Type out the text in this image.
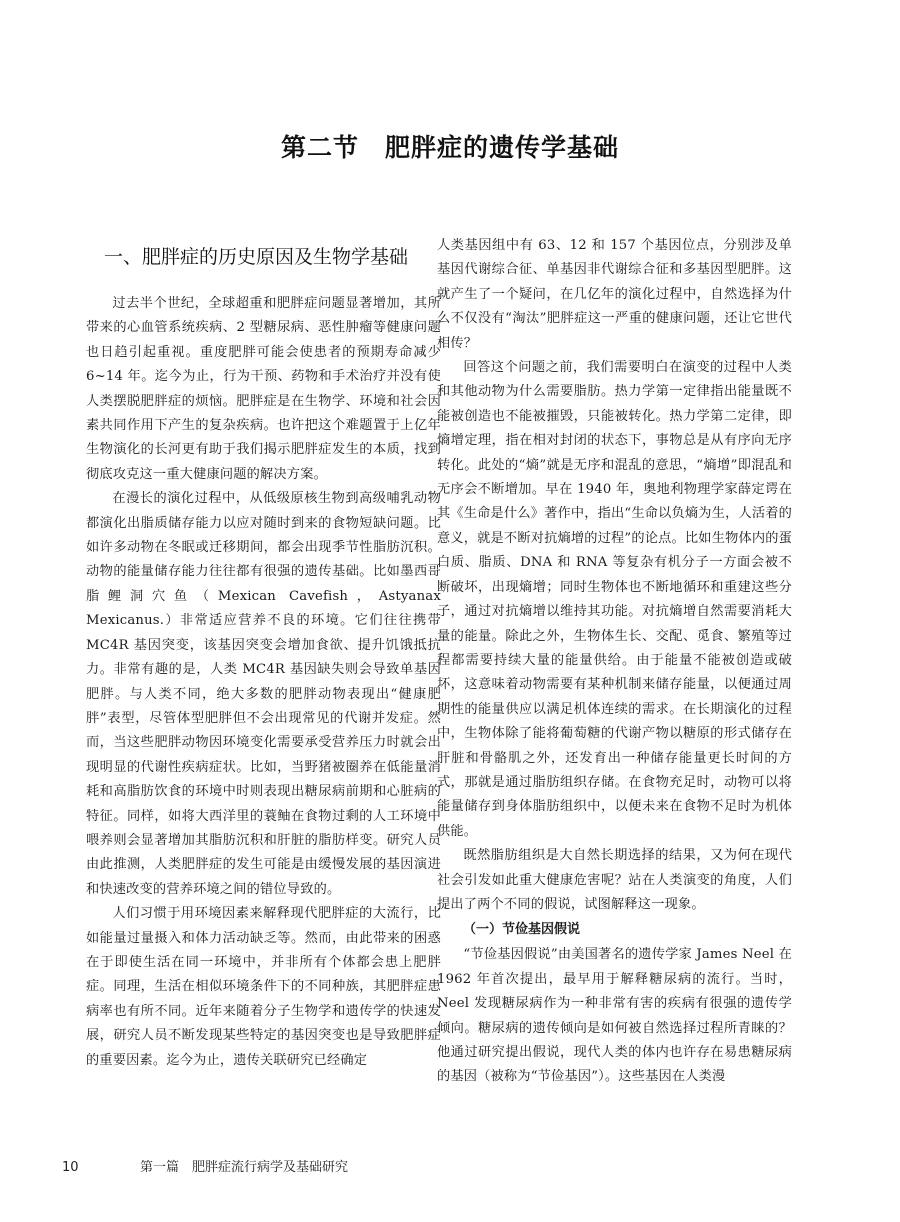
第二节　肥胖症的遗传学基础
一、肥胖症的历史原因及生物学基础

过去半个世纪，全球超重和肥胖症问题显著增加，其所带来的心血管系统疾病、2 型糖尿病、恶性肿瘤等健康问题也日趋引起重视。重度肥胖可能会使患者的预期寿命减少 6~14 年。迄今为止，行为干预、药物和手术治疗并没有使人类摆脱肥胖症的烦恼。肥胖症是在生物学、环境和社会因素共同作用下产生的复杂疾病。也许把这个难题置于上亿年生物演化的长河更有助于我们揭示肥胖症发生的本质，找到彻底攻克这一重大健康问题的解决方案。

在漫长的演化过程中，从低级原核生物到高级哺乳动物都演化出脂质储存能力以应对随时到来的食物短缺问题。比如许多动物在冬眠或迁移期间，都会出现季节性脂肪沉积。动物的能量储存能力往往都有很强的遗传基础。比如墨西哥脂鲤洞穴鱼（Mexican Cavefish，Astyanax Mexicanus.）非常适应营养不良的环境。它们往往携带 MC4R 基因突变，该基因突变会增加食欲、提升饥饿抵抗力。非常有趣的是，人类 MC4R 基因缺失则会导致单基因肥胖。与人类不同，绝大多数的肥胖动物表现出“健康肥胖”表型，尽管体型肥胖但不会出现常见的代谢并发症。然而，当这些肥胖动物因环境变化需要承受营养压力时就会出现明显的代谢性疾病症状。比如，当野猪被圈养在低能量消耗和高脂肪饮食的环境中时则表现出糖尿病前期和心脏病的特征。同样，如将大西洋里的蓑鲉在食物过剩的人工环境中喂养则会显著增加其脂肪沉积和肝脏的脂肪样变。研究人员由此推测，人类肥胖症的发生可能是由缓慢发展的基因演进和快速改变的营养环境之间的错位导致的。

人们习惯于用环境因素来解释现代肥胖症的大流行，比如能量过量摄入和体力活动缺乏等。然而，由此带来的困惑在于即使生活在同一环境中，并非所有个体都会患上肥胖症。同理，生活在相似环境条件下的不同种族，其肥胖症患病率也有所不同。近年来随着分子生物学和遗传学的快速发展，研究人员不断发现某些特定的基因突变也是导致肥胖症的重要因素。迄今为止，遗传关联研究已经确定

人类基因组中有 63、12 和 157 个基因位点，分别涉及单基因代谢综合征、单基因非代谢综合征和多基因型肥胖。这就产生了一个疑问，在几亿年的演化过程中，自然选择为什么不仅没有“淘汰”肥胖症这一严重的健康问题，还让它世代相传？

回答这个问题之前，我们需要明白在演变的过程中人类和其他动物为什么需要脂肪。热力学第一定律指出能量既不能被创造也不能被摧毁，只能被转化。热力学第二定律，即熵增定理，指在相对封闭的状态下，事物总是从有序向无序转化。此处的“熵”就是无序和混乱的意思，“熵增”即混乱和无序会不断增加。早在 1940 年，奥地利物理学家薛定谔在其《生命是什么》著作中，指出“生命以负熵为生，人活着的意义，就是不断对抗熵增的过程”的论点。比如生物体内的蛋白质、脂质、DNA 和 RNA 等复杂有机分子一方面会被不断破坏，出现熵增；同时生物体也不断地循环和重建这些分子，通过对抗熵增以维持其功能。对抗熵增自然需要消耗大量的能量。除此之外，生物体生长、交配、觅食、繁殖等过程都需要持续大量的能量供给。由于能量不能被创造或破坏，这意味着动物需要有某种机制来储存能量，以便通过周期性的能量供应以满足机体连续的需求。在长期演化的过程中，生物体除了能将葡萄糖的代谢产物以糖原的形式储存在肝脏和骨骼肌之外，还发育出一种储存能量更长时间的方式，那就是通过脂肪组织存储。在食物充足时，动物可以将能量储存到身体脂肪组织中，以便未来在食物不足时为机体供能。

既然脂肪组织是大自然长期选择的结果，又为何在现代社会引发如此重大健康危害呢？站在人类演变的角度，人们提出了两个不同的假说，试图解释这一现象。

（一）节俭基因假说

“节俭基因假说”由美国著名的遗传学家 James Neel 在 1962 年首次提出，最早用于解释糖尿病的流行。当时，Neel 发现糖尿病作为一种非常有害的疾病有很强的遗传学倾向。糖尿病的遗传倾向是如何被自然选择过程所青睐的？他通过研究提出假说，现代人类的体内也许存在易患糖尿病的基因（被称为“节俭基因”）。这些基因在人类漫

10	第一篇　肥胖症流行病学及基础研究
